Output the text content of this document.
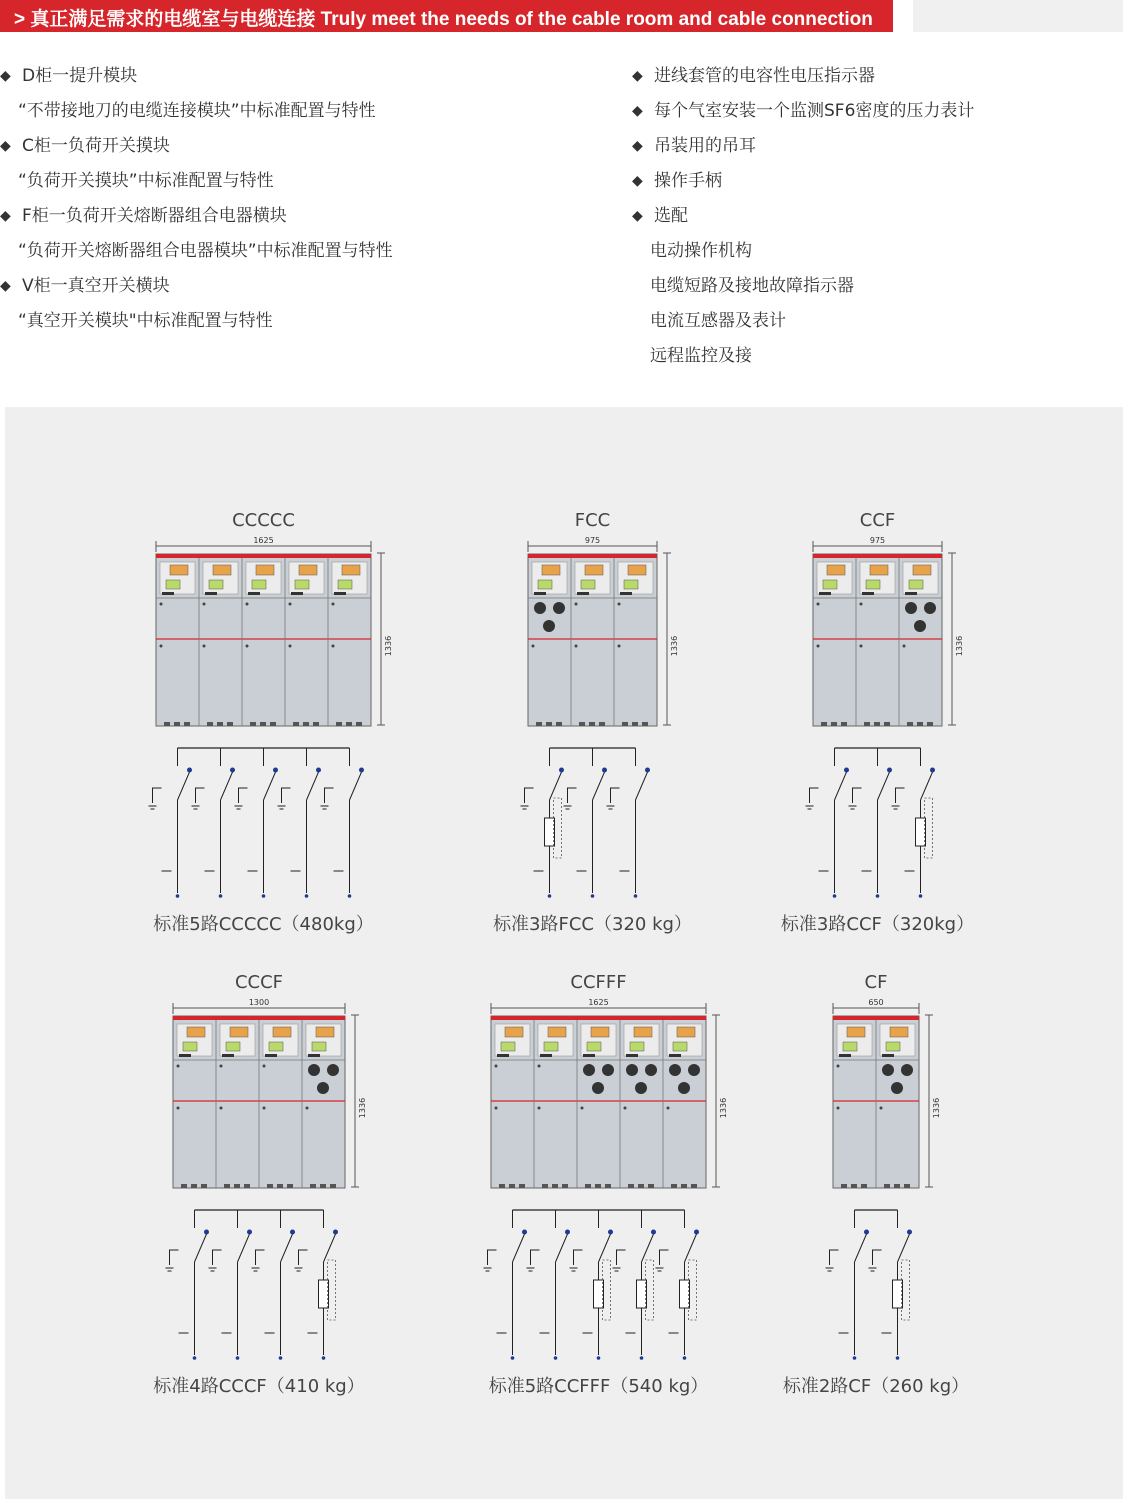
> 真正满足需求的电缆室与电缆连接 Truly meet the needs of the cable room and cable connection
◆ D柜一提升模块
“不带接地刀的电缆连接模块”中标准配置与特性
◆ C柜一负荷开关摸块
“负荷开关摸块”中标准配置与特性
◆ F柜一负荷开关熔断器组合电器横块
“负荷开关熔断器组合电器模块”中标准配置与特性
◆ V柜一真空开关横块
“真空开关模块"中标准配置与特性
◆ 进线套管的电容性电压指示器
◆ 每个气室安装一个监测SF6密度的压力表计
◆ 吊装用的吊耳
◆ 操作手柄
◆ 选配
电动操作机构
电缆短路及接地故障指示器
电流互感器及表计
远程监控及接
CCCCC
1625
1336
标准5路CCCCC（480kg）
FCC
975
1336
标准3路FCC（320 kg）
CCF
975
1336
标准3路CCF（320kg）
CCCF
1300
1336
标准4路CCCF（410 kg）
CCFFF
1625
1336
标准5路CCFFF（540 kg）
CF
650
1336
标准2路CF（260 kg）
